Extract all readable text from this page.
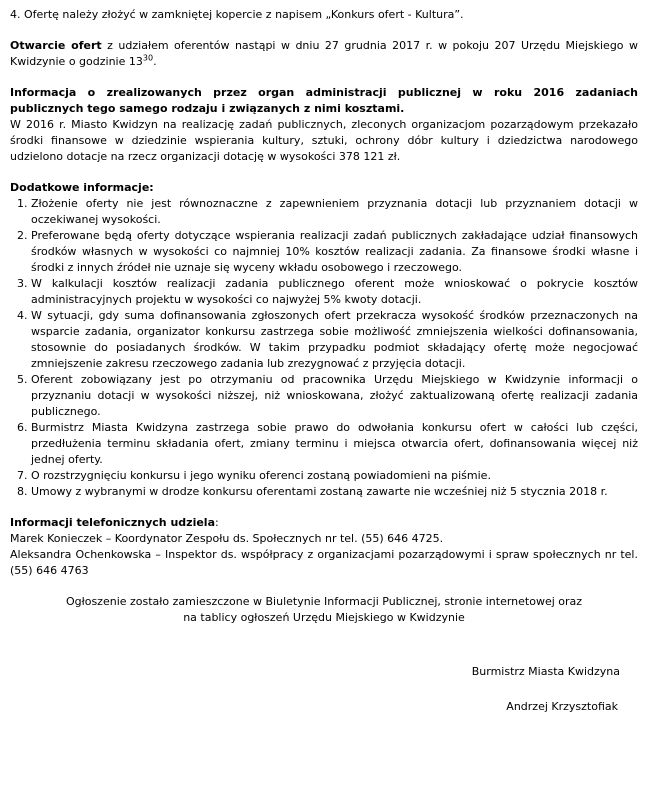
4. Ofertę należy złożyć w zamkniętej kopercie z napisem „Konkurs ofert - Kultura”.

Otwarcie ofert z udziałem oferentów nastąpi w dniu 27 grudnia 2017 r. w pokoju 207 Urzędu Miejskiego w Kwidzynie o godzinie $13^{30}$.

Informacja o zrealizowanych przez organ administracji publicznej w roku 2016 zadaniach publicznych tego samego rodzaju i związanych z nimi kosztami.

W 2016 r. Miasto Kwidzyn na realizację zadań publicznych, zleconych organizacjom pozarządowym przekazało środki finansowe w dziedzinie wspierania kultury, sztuki, ochrony dóbr kultury i dziedzictwa narodowego udzielono dotacje na rzecz organizacji dotację w wysokości 378 121 zł.

Dodatkowe informacje:

1. Złożenie oferty nie jest równoznaczne z zapewnieniem przyznania dotacji lub przyznaniem dotacji w oczekiwanej wysokości.
2. Preferowane będą oferty dotyczące wspierania realizacji zadań publicznych zakładające udział finansowych środków własnych w wysokości co najmniej 10% kosztów realizacji zadania. Za finansowe środki własne i środki z innych źródeł nie uznaje się wyceny wkładu osobowego i rzeczowego.
3. W kalkulacji kosztów realizacji zadania publicznego oferent może wnioskować o pokrycie kosztów administracyjnych projektu w wysokości co najwyżej 5% kwoty dotacji.
4. W sytuacji, gdy suma dofinansowania zgłoszonych ofert przekracza wysokość środków przeznaczonych na wsparcie zadania, organizator konkursu zastrzega sobie możliwość zmniejszenia wielkości dofinansowania, stosownie do posiadanych środków. W takim przypadku podmiot składający ofertę może negocjować zmniejszenie zakresu rzeczowego zadania lub zrezygnować z przyjęcia dotacji.
5. Oferent zobowiązany jest po otrzymaniu od pracownika Urzędu Miejskiego w Kwidzynie informacji o przyznaniu dotacji w wysokości niższej, niż wnioskowana, złożyć zaktualizowaną ofertę realizacji zadania publicznego.
6. Burmistrz Miasta Kwidzyna zastrzega sobie prawo do odwołania konkursu ofert w całości lub części, przedłużenia terminu składania ofert, zmiany terminu i miejsca otwarcia ofert, dofinansowania więcej niż jednej oferty.
7. O rozstrzygnięciu konkursu i jego wyniku oferenci zostaną powiadomieni na piśmie.
8. Umowy z wybranymi w drodze konkursu oferentami zostaną zawarte nie wcześniej niż 5 stycznia 2018 r.

Informacji telefonicznych udziela:

Marek Konieczek – Koordynator Zespołu ds. Społecznych nr tel. (55) 646 4725.

Aleksandra Ochenkowska – Inspektor ds. współpracy z organizacjami pozarządowymi i spraw społecznych nr tel. (55) 646 4763

Ogłoszenie zostało zamieszczone w Biuletynie Informacji Publicznej, stronie internetowej oraz
na tablicy ogłoszeń Urzędu Miejskiego w Kwidzynie

Burmistrz Miasta Kwidzyna

Andrzej Krzysztofiak
